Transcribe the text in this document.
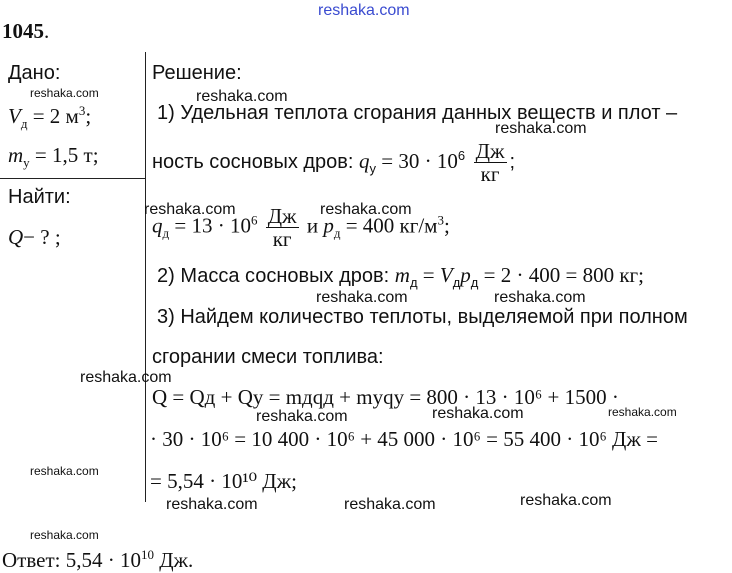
1045.
Дано:
$V_д = 2$ $м^3$;
$m_у = 1,5$ т;
Найти:
Q− ? ;
Решение:
1) Удельная теплота сгорания данных веществ и плот –
ность сосновых дров: $q_у = 30 \cdot 10^6 \frac{Дж}{кг}$ ;
$q_д = 13 \cdot 10^6 \frac{Дж}{кг}$ и $p_д = 400$ $кг/м^3$;
2) Масса сосновых дров: $m_д = V_дp_д = 2 \cdot 400 = 800$ кг;
3) Найдем количество теплоты, выделяемой при полном
сгорании смеси топлива:
Q = Qд + Qу = mдqд + mуqу = 800 · 13 · 10⁶ + 1500 ·
· 30 · 10⁶ = 10 400 · 10⁶ + 45 000 · 10⁶ = 55 400 · 10⁶ Дж =
= 5,54 · 10¹⁰ Дж;
Ответ: $5,54 \cdot 10^{10}$ Дж.
reshaka.com
reshaka.com	reshaka.com
reshaka.com
reshaka.com	reshaka.com
reshaka.com	reshaka.com
reshaka.com
reshaka.com	reshaka.com	reshaka.com
reshaka.com
reshaka.com	reshaka.com	reshaka.com
reshaka.com
